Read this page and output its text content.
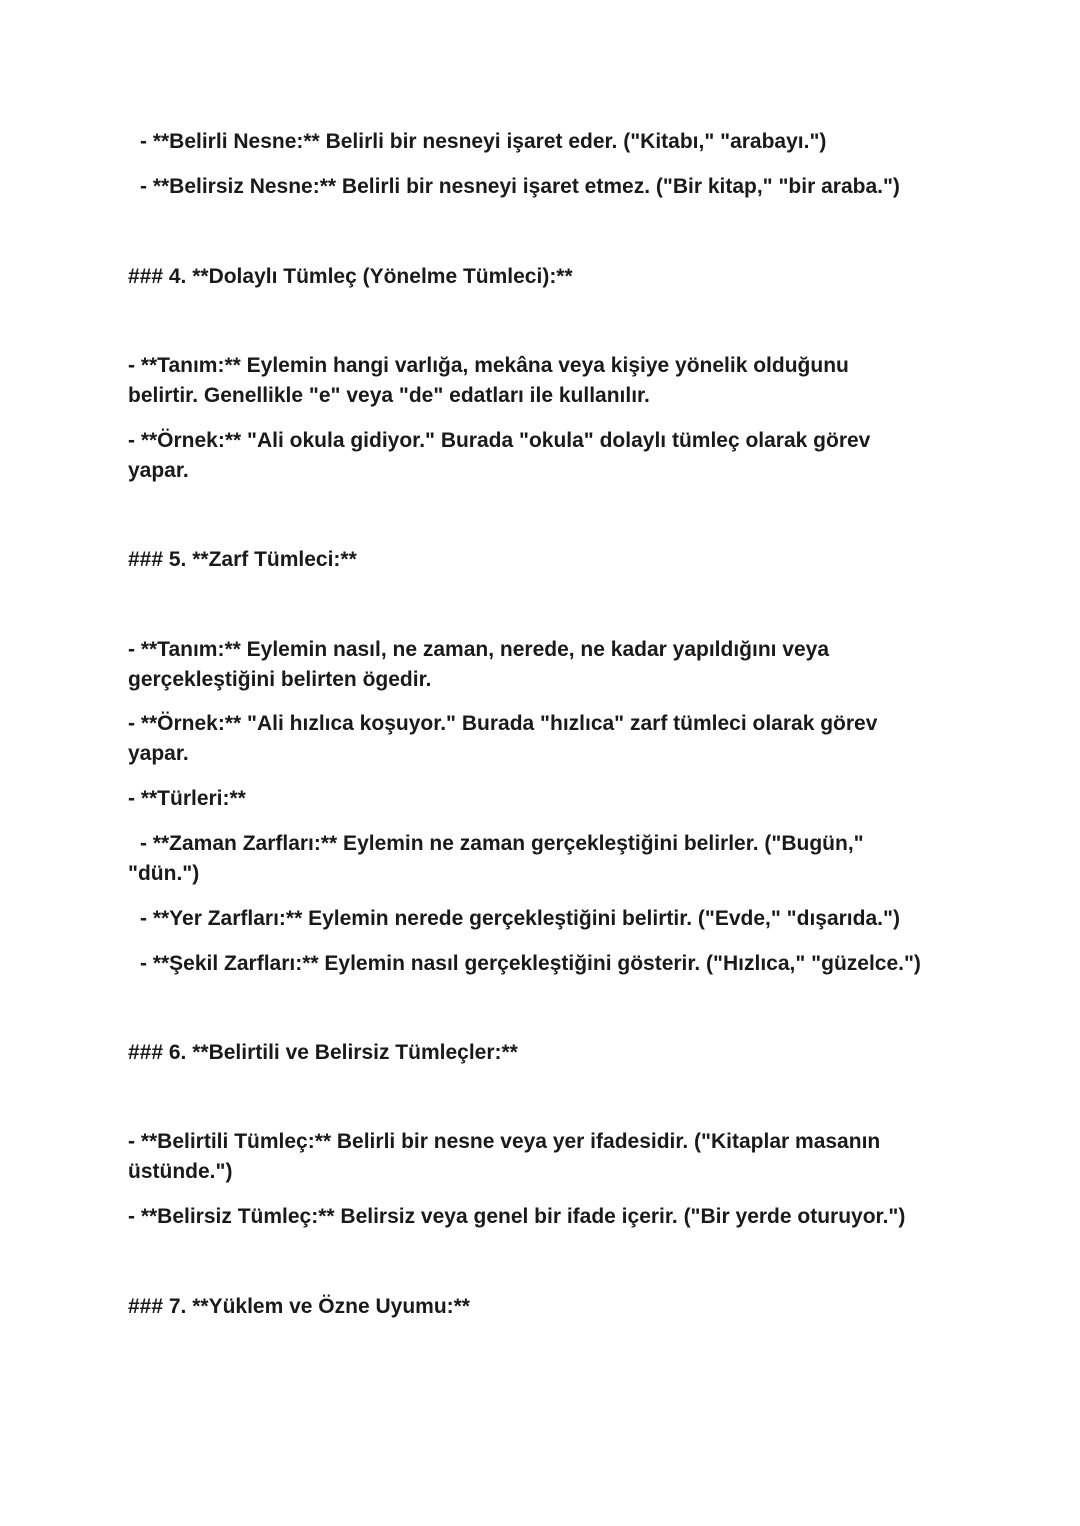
- **Belirli Nesne:** Belirli bir nesneyi işaret eder. ("Kitabı," "arabayı.")
- **Belirsiz Nesne:** Belirli bir nesneyi işaret etmez. ("Bir kitap," "bir araba.")
### 4. **Dolaylı Tümleç (Yönelme Tümleci):**
- **Tanım:** Eylemin hangi varlığa, mekâna veya kişiye yönelik olduğunu
belirtir. Genellikle "e" veya "de" edatları ile kullanılır.
- **Örnek:** "Ali okula gidiyor." Burada "okula" dolaylı tümleç olarak görev
yapar.
### 5. **Zarf Tümleci:**
- **Tanım:** Eylemin nasıl, ne zaman, nerede, ne kadar yapıldığını veya
gerçekleştiğini belirten ögedir.
- **Örnek:** "Ali hızlıca koşuyor." Burada "hızlıca" zarf tümleci olarak görev
yapar.
- **Türleri:**
- **Zaman Zarfları:** Eylemin ne zaman gerçekleştiğini belirler. ("Bugün,"
"dün.")
- **Yer Zarfları:** Eylemin nerede gerçekleştiğini belirtir. ("Evde," "dışarıda.")
- **Şekil Zarfları:** Eylemin nasıl gerçekleştiğini gösterir. ("Hızlıca," "güzelce.")
### 6. **Belirtili ve Belirsiz Tümleçler:**
- **Belirtili Tümleç:** Belirli bir nesne veya yer ifadesidir. ("Kitaplar masanın
üstünde.")
- **Belirsiz Tümleç:** Belirsiz veya genel bir ifade içerir. ("Bir yerde oturuyor.")
### 7. **Yüklem ve Özne Uyumu:**
